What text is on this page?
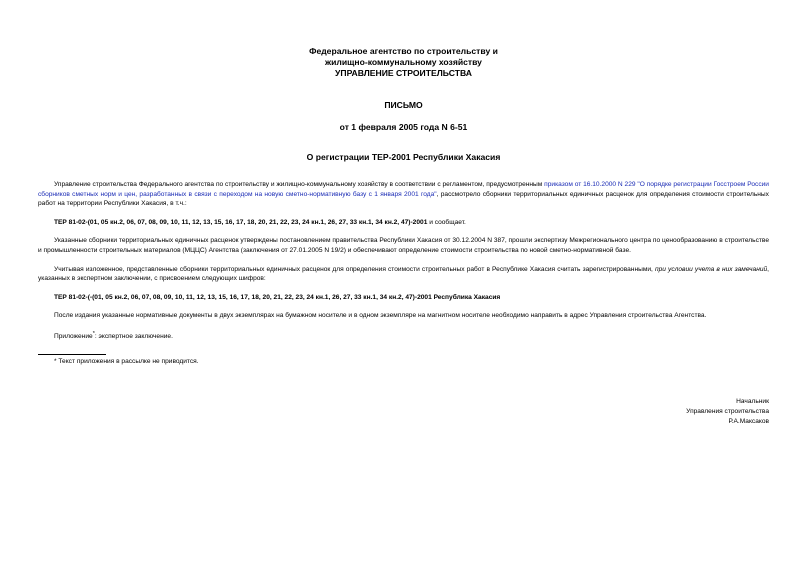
Федеральное агентство по строительству и
жилищно-коммунальному хозяйству
УПРАВЛЕНИЕ СТРОИТЕЛЬСТВА
ПИСЬМО
от 1 февраля 2005 года N 6-51
О регистрации ТЕР-2001 Республики Хакасия

Управление строительства Федерального агентства по строительству и жилищно-коммунальному хозяйству в соответствии с регламентом, предусмотренным приказом от 16.10.2000 N 229 "О порядке регистрации Госстроем России сборников сметных норм и цен, разработанных в связи с переходом на новую сметно-нормативную базу с 1 января 2001 года", рассмотрело сборники территориальных единичных расценок для определения стоимости строительных работ на территории Республики Хакасия, в т.ч.:

ТЕР 81-02-(01, 05 кн.2, 06, 07, 08, 09, 10, 11, 12, 13, 15, 16, 17, 18, 20, 21, 22, 23, 24 кн.1, 26, 27, 33 кн.1, 34 кн.2, 47)-2001 и сообщает.

Указанные сборники территориальных единичных расценок утверждены постановлением правительства Республики Хакасия от 30.12.2004 N 387, прошли экспертизу Межрегионального центра по ценообразованию в строительстве и промышленности строительных материалов (МЦЦС) Агентства (заключения от 27.01.2005 N 19/2) и обеспечивают определение стоимости строительства по новой сметно-нормативной базе.

Учитывая изложенное, представленные сборники территориальных единичных расценок для определения стоимости строительных работ в Республике Хакасия считать зарегистрированными, при условии учета в них замечаний, указанных в экспертном заключении, с присвоением следующих шифров:

ТЕР 81-02-(-(01, 05 кн.2, 06, 07, 08, 09, 10, 11, 12, 13, 15, 16, 17, 18, 20, 21, 22, 23, 24 кн.1, 26, 27, 33 кн.1, 34 кн.2, 47)-2001 Республика Хакасия

После издания указанные нормативные документы в двух экземплярах на бумажном носителе и в одном экземпляре на магнитном носителе необходимо направить в адрес Управления строительства Агентства.

Приложение*: экспертное заключение.

* Текст приложения в рассылке не приводится.
Начальник
Управления строительства
Р.А.Максаков
